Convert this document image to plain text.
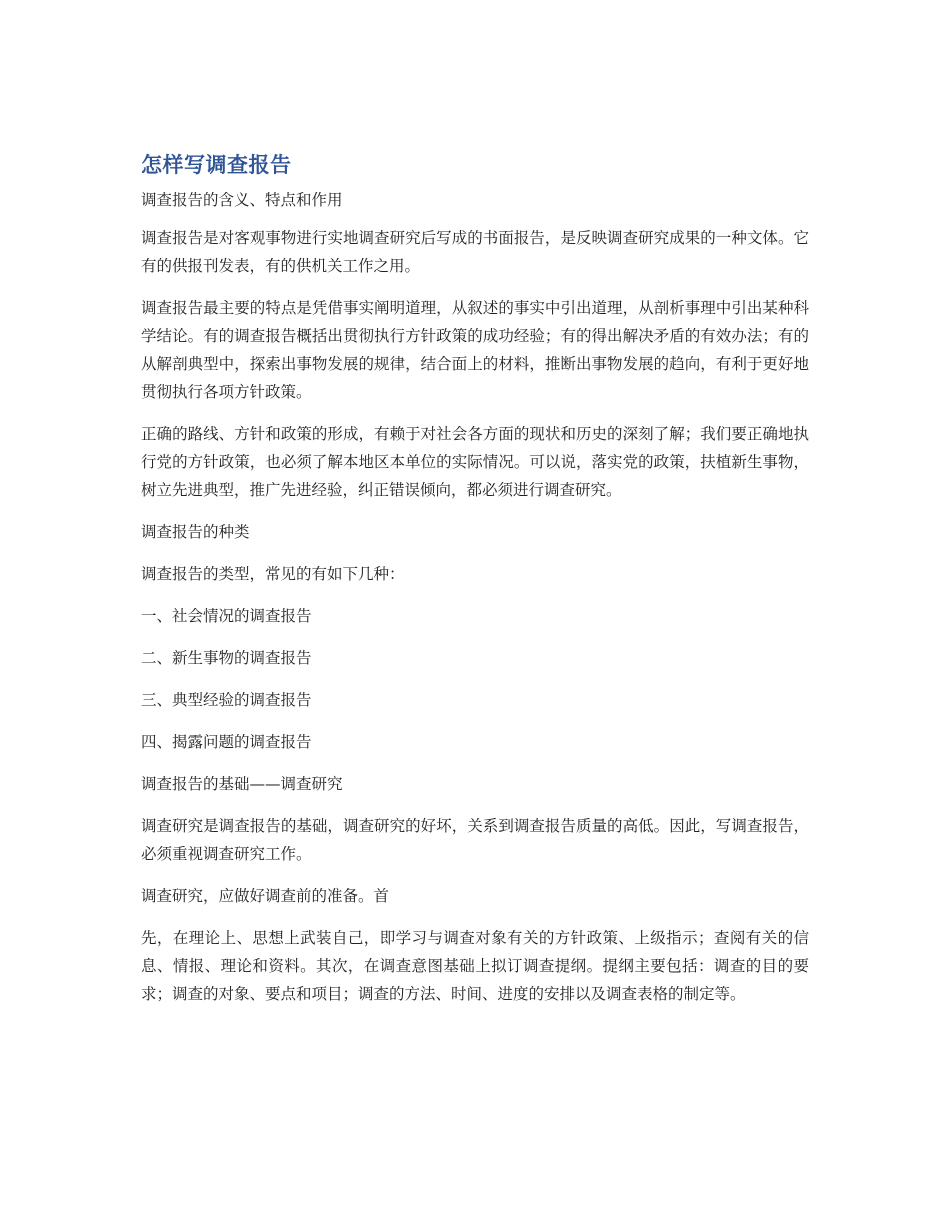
怎样写调查报告

调查报告的含义、特点和作用

调查报告是对客观事物进行实地调查研究后写成的书面报告，是反映调查研究成果的一种文体。它有的供报刊发表，有的供机关工作之用。

调查报告最主要的特点是凭借事实阐明道理，从叙述的事实中引出道理，从剖析事理中引出某种科学结论。有的调查报告概括出贯彻执行方针政策的成功经验；有的得出解决矛盾的有效办法；有的从解剖典型中，探索出事物发展的规律，结合面上的材料，推断出事物发展的趋向，有利于更好地贯彻执行各项方针政策。

正确的路线、方针和政策的形成，有赖于对社会各方面的现状和历史的深刻了解；我们要正确地执行党的方针政策，也必须了解本地区本单位的实际情况。可以说，落实党的政策，扶植新生事物，树立先进典型，推广先进经验，纠正错误倾向，都必须进行调查研究。

调查报告的种类

调查报告的类型，常见的有如下几种：

一、社会情况的调查报告

二、新生事物的调查报告

三、典型经验的调查报告

四、揭露问题的调查报告

调查报告的基础——调查研究

调查研究是调查报告的基础，调查研究的好坏，关系到调查报告质量的高低。因此，写调查报告，必须重视调查研究工作。

调查研究，应做好调查前的准备。首

先，在理论上、思想上武装自己，即学习与调查对象有关的方针政策、上级指示；查阅有关的信息、情报、理论和资料。其次，在调查意图基础上拟订调查提纲。提纲主要包括：调查的目的要求；调查的对象、要点和项目；调查的方法、时间、进度的安排以及调查表格的制定等。
